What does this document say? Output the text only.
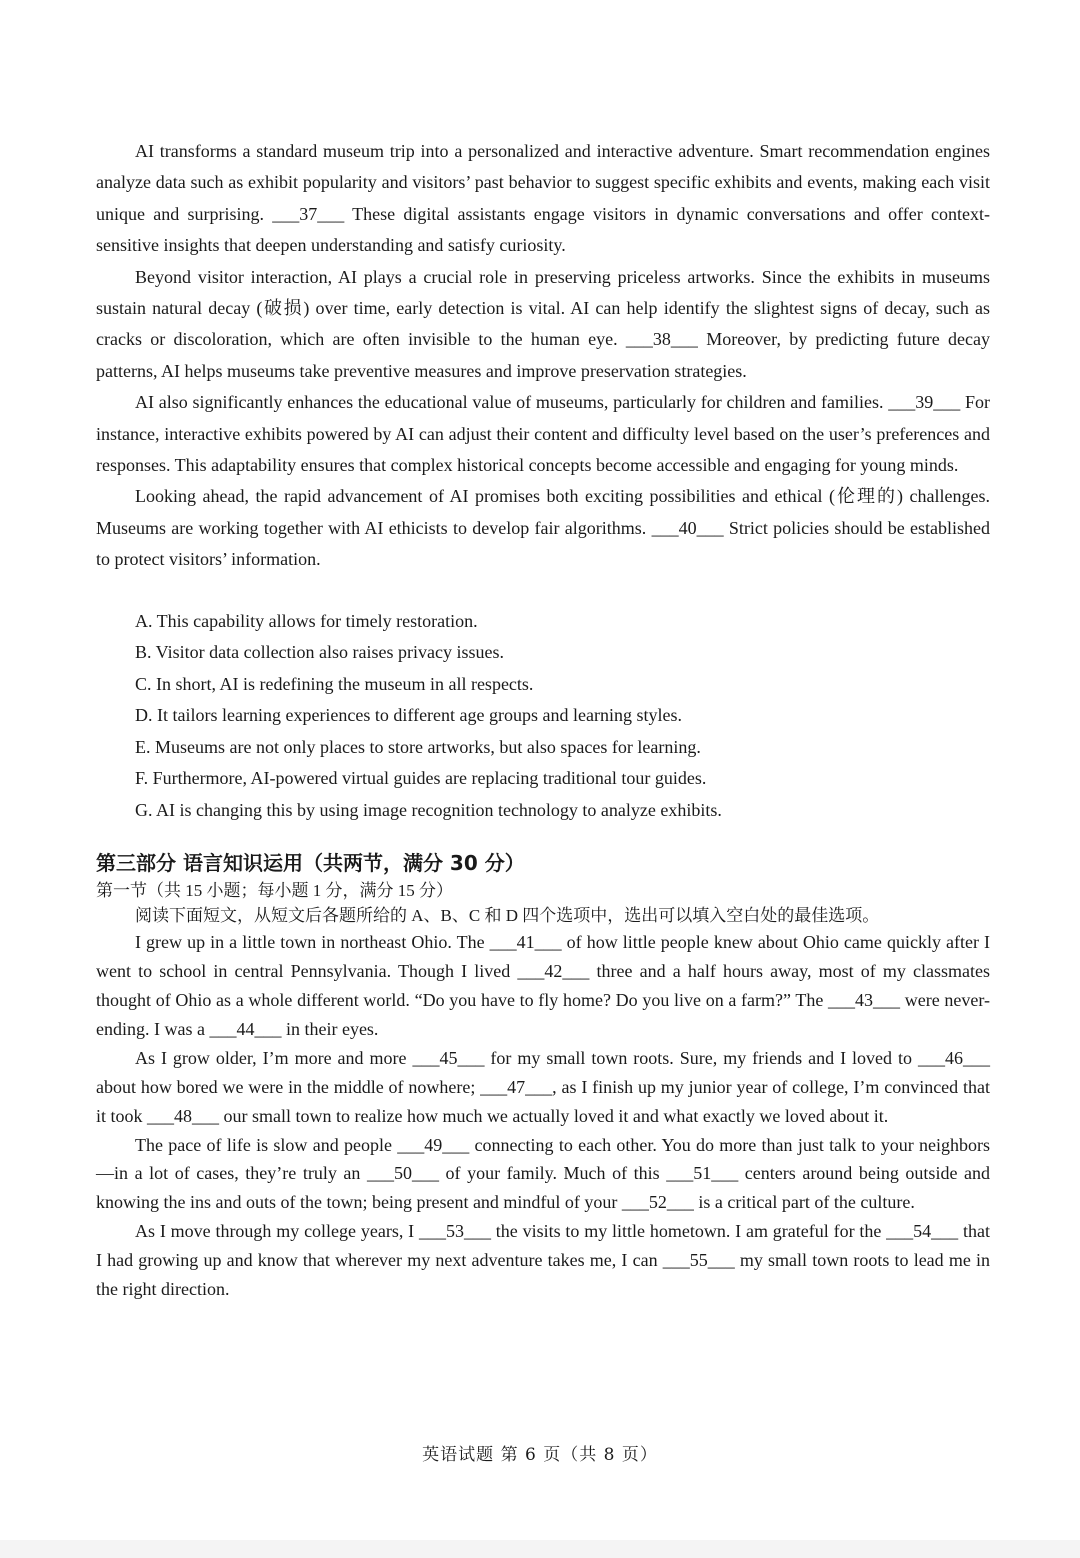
AI transforms a standard museum trip into a personalized and interactive adventure. Smart recommendation engines analyze data such as exhibit popularity and visitors’ past behavior to suggest specific exhibits and events, making each visit unique and surprising. ___37___ These digital assistants engage visitors in dynamic conversations and offer context-sensitive insights that deepen understanding and satisfy curiosity.

Beyond visitor interaction, AI plays a crucial role in preserving priceless artworks. Since the exhibits in museums sustain natural decay (破损) over time, early detection is vital. AI can help identify the slightest signs of decay, such as cracks or discoloration, which are often invisible to the human eye. ___38___ Moreover, by predicting future decay patterns, AI helps museums take preventive measures and improve preservation strategies.

AI also significantly enhances the educational value of museums, particularly for children and families. ___39___ For instance, interactive exhibits powered by AI can adjust their content and difficulty level based on the user’s preferences and responses. This adaptability ensures that complex historical concepts become accessible and engaging for young minds.

Looking ahead, the rapid advancement of AI promises both exciting possibilities and ethical (伦理的) challenges. Museums are working together with AI ethicists to develop fair algorithms. ___40___ Strict policies should be established to protect visitors’ information.

A. This capability allows for timely restoration.
B. Visitor data collection also raises privacy issues.
C. In short, AI is redefining the museum in all respects.
D. It tailors learning experiences to different age groups and learning styles.
E. Museums are not only places to store artworks, but also spaces for learning.
F. Furthermore, AI-powered virtual guides are replacing traditional tour guides.
G. AI is changing this by using image recognition technology to analyze exhibits.
第三部分 语言知识运用（共两节，满分 30 分）
第一节（共 15 小题；每小题 1 分，满分 15 分）
阅读下面短文，从短文后各题所给的 A、B、C 和 D 四个选项中，选出可以填入空白处的最佳选项。

I grew up in a little town in northeast Ohio. The ___41___ of how little people knew about Ohio came quickly after I went to school in central Pennsylvania. Though I lived ___42___ three and a half hours away, most of my classmates thought of Ohio as a whole different world. “Do you have to fly home? Do you live on a farm?” The ___43___ were never-ending. I was a ___44___ in their eyes.

As I grow older, I’m more and more ___45___ for my small town roots. Sure, my friends and I loved to ___46___ about how bored we were in the middle of nowhere; ___47___, as I finish up my junior year of college, I’m convinced that it took ___48___ our small town to realize how much we actually loved it and what exactly we loved about it.

The pace of life is slow and people ___49___ connecting to each other. You do more than just talk to your neighbors—in a lot of cases, they’re truly an ___50___ of your family. Much of this ___51___ centers around being outside and knowing the ins and outs of the town; being present and mindful of your ___52___ is a critical part of the culture.

As I move through my college years, I ___53___ the visits to my little hometown. I am grateful for the ___54___ that I had growing up and know that wherever my next adventure takes me, I can ___55___ my small town roots to lead me in the right direction.

英语试题 第 6 页（共 8 页）
